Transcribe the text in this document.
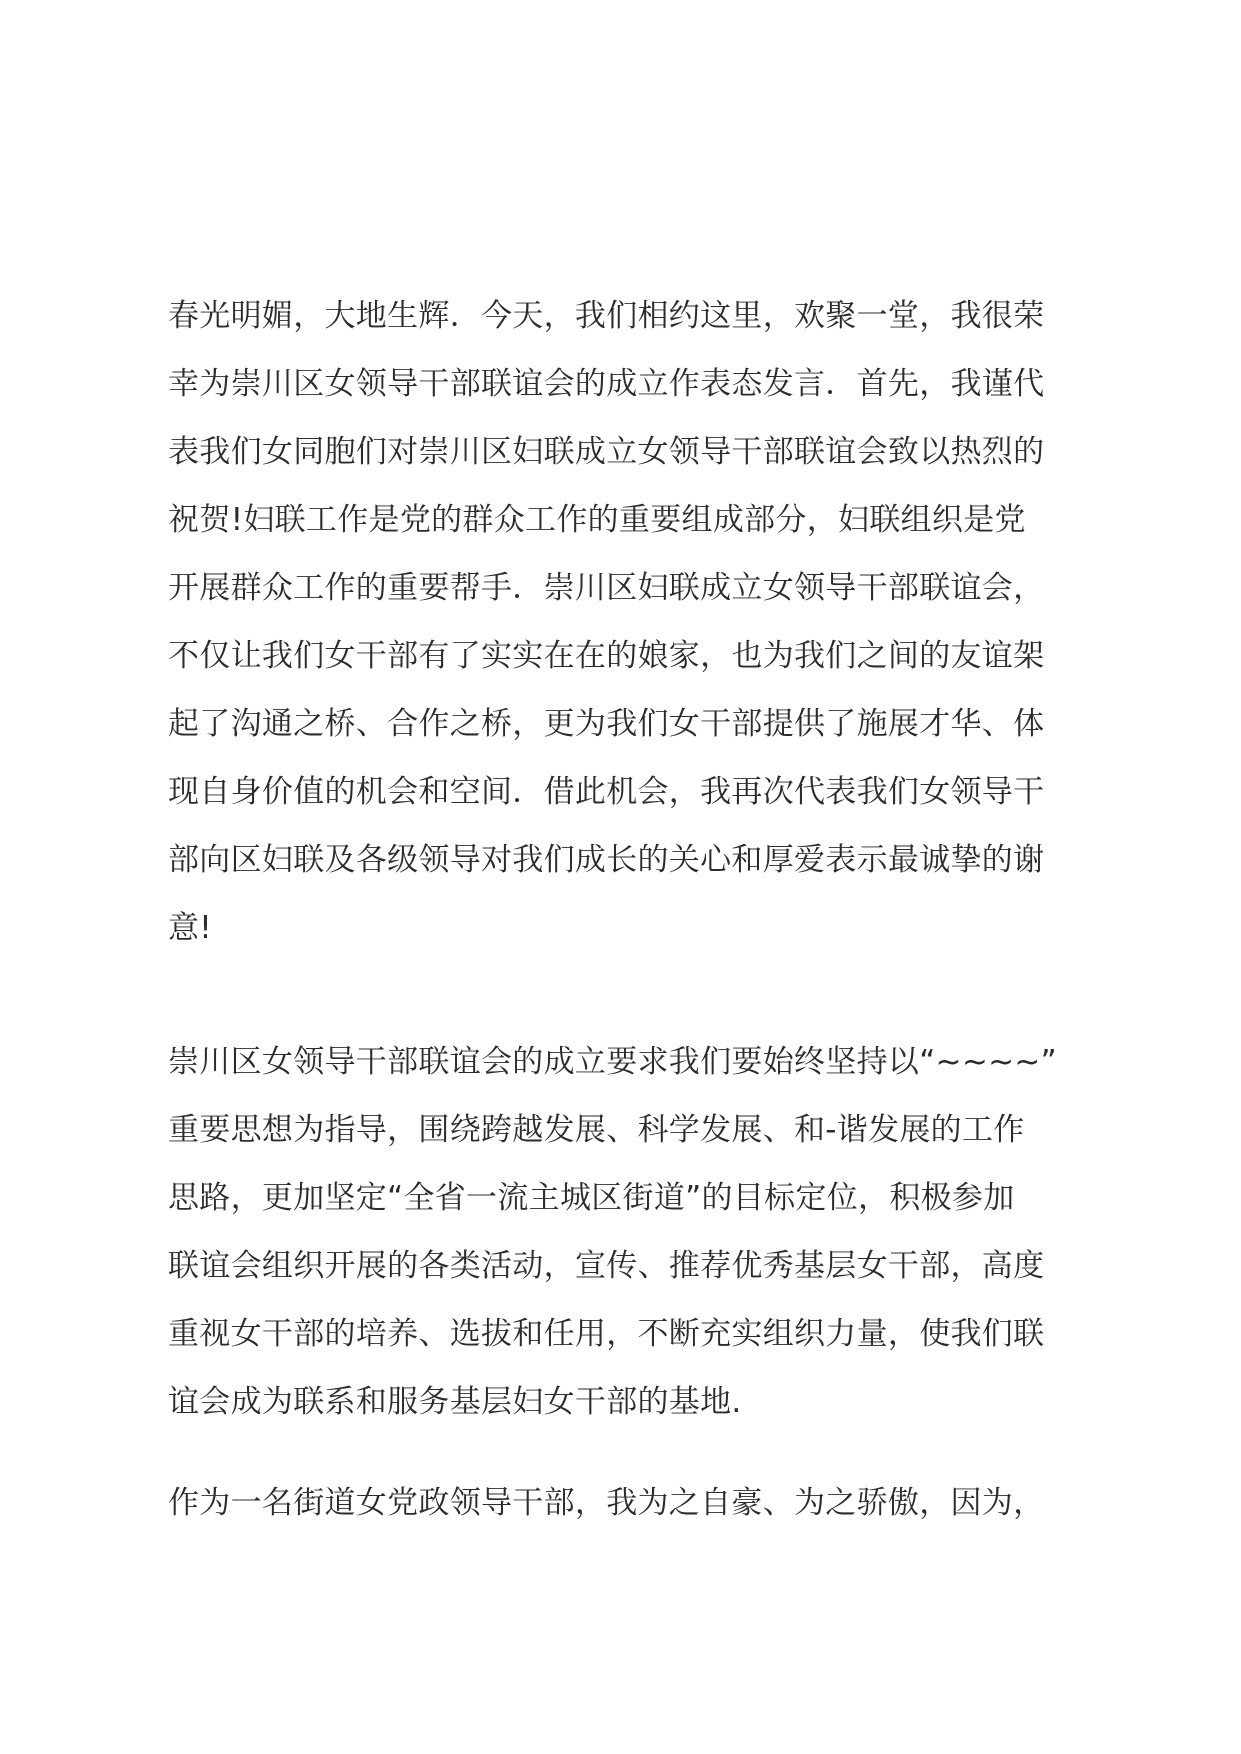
春光明媚，大地生辉．今天，我们相约这里，欢聚一堂，我很荣
幸为崇川区女领导干部联谊会的成立作表态发言．首先，我谨代
表我们女同胞们对崇川区妇联成立女领导干部联谊会致以热烈的
祝贺!妇联工作是党的群众工作的重要组成部分，妇联组织是党
开展群众工作的重要帮手．崇川区妇联成立女领导干部联谊会，
不仅让我们女干部有了实实在在的娘家，也为我们之间的友谊架
起了沟通之桥、合作之桥，更为我们女干部提供了施展才华、体
现自身价值的机会和空间．借此机会，我再次代表我们女领导干
部向区妇联及各级领导对我们成长的关心和厚爱表示最诚挚的谢
意!
崇川区女领导干部联谊会的成立要求我们要始终坚持以“~~~~”
重要思想为指导，围绕跨越发展、科学发展、和-谐发展的工作
思路，更加坚定“全省一流主城区街道”的目标定位，积极参加
联谊会组织开展的各类活动，宣传、推荐优秀基层女干部，高度
重视女干部的培养、选拔和任用，不断充实组织力量，使我们联
谊会成为联系和服务基层妇女干部的基地.
作为一名街道女党政领导干部，我为之自豪、为之骄傲，因为，
